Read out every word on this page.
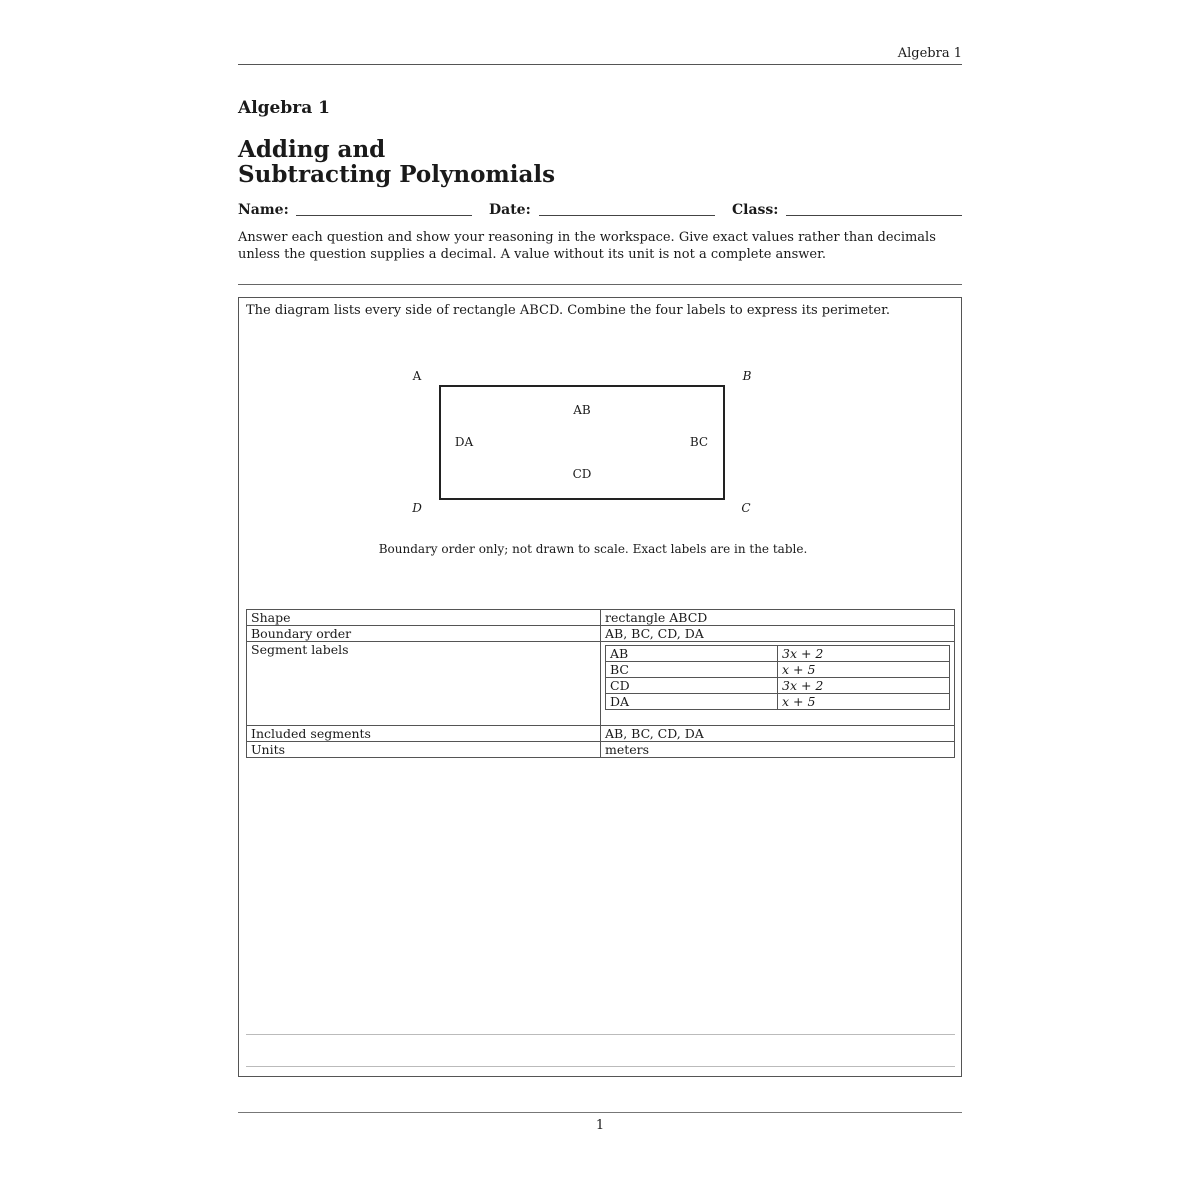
Algebra 1
Algebra 1
Adding and
Subtracting Polynomials
Name:	Date:	Class:
Answer each question and show your reasoning in the workspace. Give exact values rather than decimals unless the question supplies a decimal. A value without its unit is not a complete answer.
The diagram lists every side of rectangle ABCD. Combine the four labels to express its perimeter.
A	B
C
D
AB
BC
CD
DA
Boundary order only; not drawn to scale. Exact labels are in the table.
Shape	rectangle ABCD
Boundary order	AB, BC, CD, DA
Segment labels		AB	3x + 2
BC	x + 5
CD	3x + 2
DA	x + 5

Included segments	AB, BC, CD, DA
Units	meters
1
